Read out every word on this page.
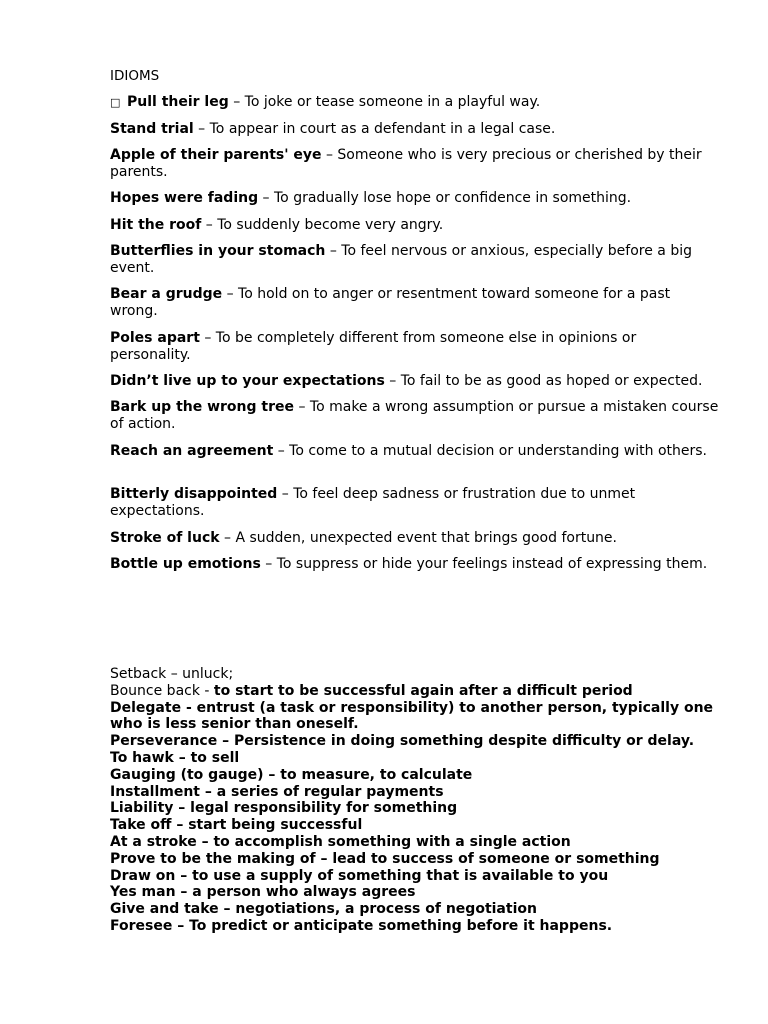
IDIOMS
□ Pull their leg – To joke or tease someone in a playful way.
Stand trial – To appear in court as a defendant in a legal case.
Apple of their parents' eye – Someone who is very precious or cherished by their parents.
Hopes were fading – To gradually lose hope or confidence in something.
Hit the roof – To suddenly become very angry.
Butterflies in your stomach – To feel nervous or anxious, especially before a big event.
Bear a grudge – To hold on to anger or resentment toward someone for a past wrong.
Poles apart – To be completely different from someone else in opinions or personality.
Didn’t live up to your expectations – To fail to be as good as hoped or expected.
Bark up the wrong tree – To make a wrong assumption or pursue a mistaken course of action.
Reach an agreement – To come to a mutual decision or understanding with others.
Bitterly disappointed – To feel deep sadness or frustration due to unmet expectations.
Stroke of luck – A sudden, unexpected event that brings good fortune.
Bottle up emotions – To suppress or hide your feelings instead of expressing them.
Setback – unluck;
Bounce back - to start to be successful again after a difficult period
Delegate - entrust (a task or responsibility) to another person, typically one who is less senior than oneself.
Perseverance – Persistence in doing something despite difficulty or delay.
To hawk – to sell
Gauging (to gauge) – to measure, to calculate
Installment – a series of regular payments
Liability – legal responsibility for something
Take off – start being successful
At a stroke – to accomplish something with a single action
Prove to be the making of – lead to success of someone or something
Draw on – to use a supply of something that is available to you
Yes man – a person who always agrees
Give and take – negotiations, a process of negotiation
Foresee – To predict or anticipate something before it happens.
